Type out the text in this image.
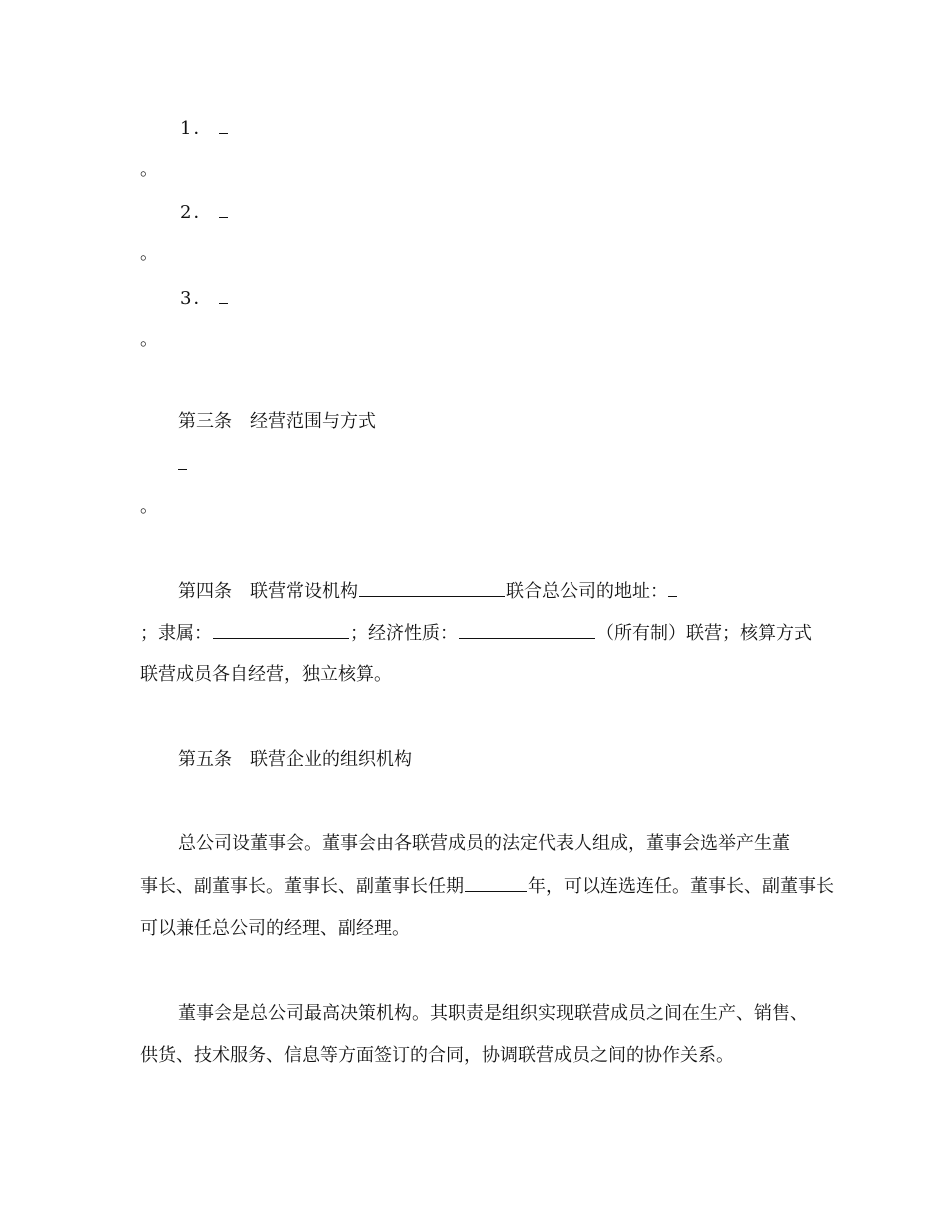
1．
。
2．
。
3．
。
第三条　经营范围与方式
。
第四条　联营常设机构	联合总公司的地址：
；隶属：	；经济性质：	（所有制）联营；核算方式
联营成员各自经营，独立核算。
第五条　联营企业的组织机构
总公司设董事会。董事会由各联营成员的法定代表人组成，董事会选举产生董
事长、副董事长。董事长、副董事长任期	年，可以连选连任。董事长、副董事长
可以兼任总公司的经理、副经理。
董事会是总公司最高决策机构。其职责是组织实现联营成员之间在生产、销售、
供货、技术服务、信息等方面签订的合同，协调联营成员之间的协作关系。
